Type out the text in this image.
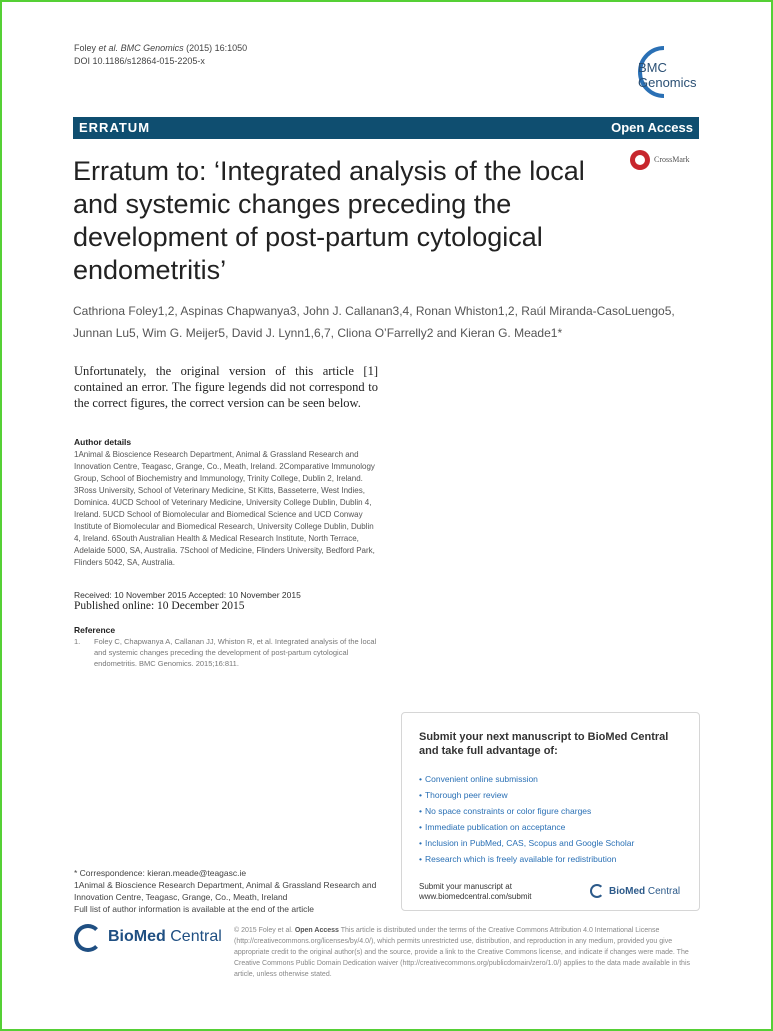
Foley et al. BMC Genomics (2015) 16:1050
DOI 10.1186/s12864-015-2205-x	BMC
Genomics
ERRATUM	Open Access
CrossMark
Erratum to: ‘Integrated analysis of the local and systemic changes preceding the development of post-partum cytological endometritis’
Cathriona Foley1,2, Aspinas Chapwanya3, John J. Callanan3,4, Ronan Whiston1,2, Raúl Miranda-CasoLuengo5, Junnan Lu5, Wim G. Meijer5, David J. Lynn1,6,7, Cliona O’Farrelly2 and Kieran G. Meade1*
Unfortunately, the original version of this article [1] contained an error. The figure legends did not correspond to the correct figures, the correct version can be seen below.
Author details
1Animal & Bioscience Research Department, Animal & Grassland Research and Innovation Centre, Teagasc, Grange, Co., Meath, Ireland. 2Comparative Immunology Group, School of Biochemistry and Immunology, Trinity College, Dublin 2, Ireland. 3Ross University, School of Veterinary Medicine, St Kitts, Basseterre, West Indies, Dominica. 4UCD School of Veterinary Medicine, University College Dublin, Dublin 4, Ireland. 5UCD School of Biomolecular and Biomedical Science and UCD Conway Institute of Biomolecular and Biomedical Research, University College Dublin, Dublin 4, Ireland. 6South Australian Health & Medical Research Institute, North Terrace, Adelaide 5000, SA, Australia. 7School of Medicine, Flinders University, Bedford Park, Flinders 5042, SA, Australia.
Received: 10 November 2015 Accepted: 10 November 2015
Published online: 10 December 2015
Reference
1. Foley C, Chapwanya A, Callanan JJ, Whiston R, et al. Integrated analysis of the local and systemic changes preceding the development of post-partum cytological endometritis. BMC Genomics. 2015;16:811.
Submit your next manuscript to BioMed Central and take full advantage of:
• Convenient online submission
• Thorough peer review
• No space constraints or color figure charges
• Immediate publication on acceptance
• Inclusion in PubMed, CAS, Scopus and Google Scholar
• Research which is freely available for redistribution
Submit your manuscript at
www.biomedcentral.com/submit	BioMed Central
* Correspondence: kieran.meade@teagasc.ie
1Animal & Bioscience Research Department, Animal & Grassland Research and Innovation Centre, Teagasc, Grange, Co., Meath, Ireland
Full list of author information is available at the end of the article
BioMed Central © 2015 Foley et al. Open Access This article is distributed under the terms of the Creative Commons Attribution 4.0 International License (http://creativecommons.org/licenses/by/4.0/), which permits unrestricted use, distribution, and reproduction in any medium, provided you give appropriate credit to the original author(s) and the source, provide a link to the Creative Commons license, and indicate if changes were made. The Creative Commons Public Domain Dedication waiver (http://creativecommons.org/publicdomain/zero/1.0/) applies to the data made available in this article, unless otherwise stated.
